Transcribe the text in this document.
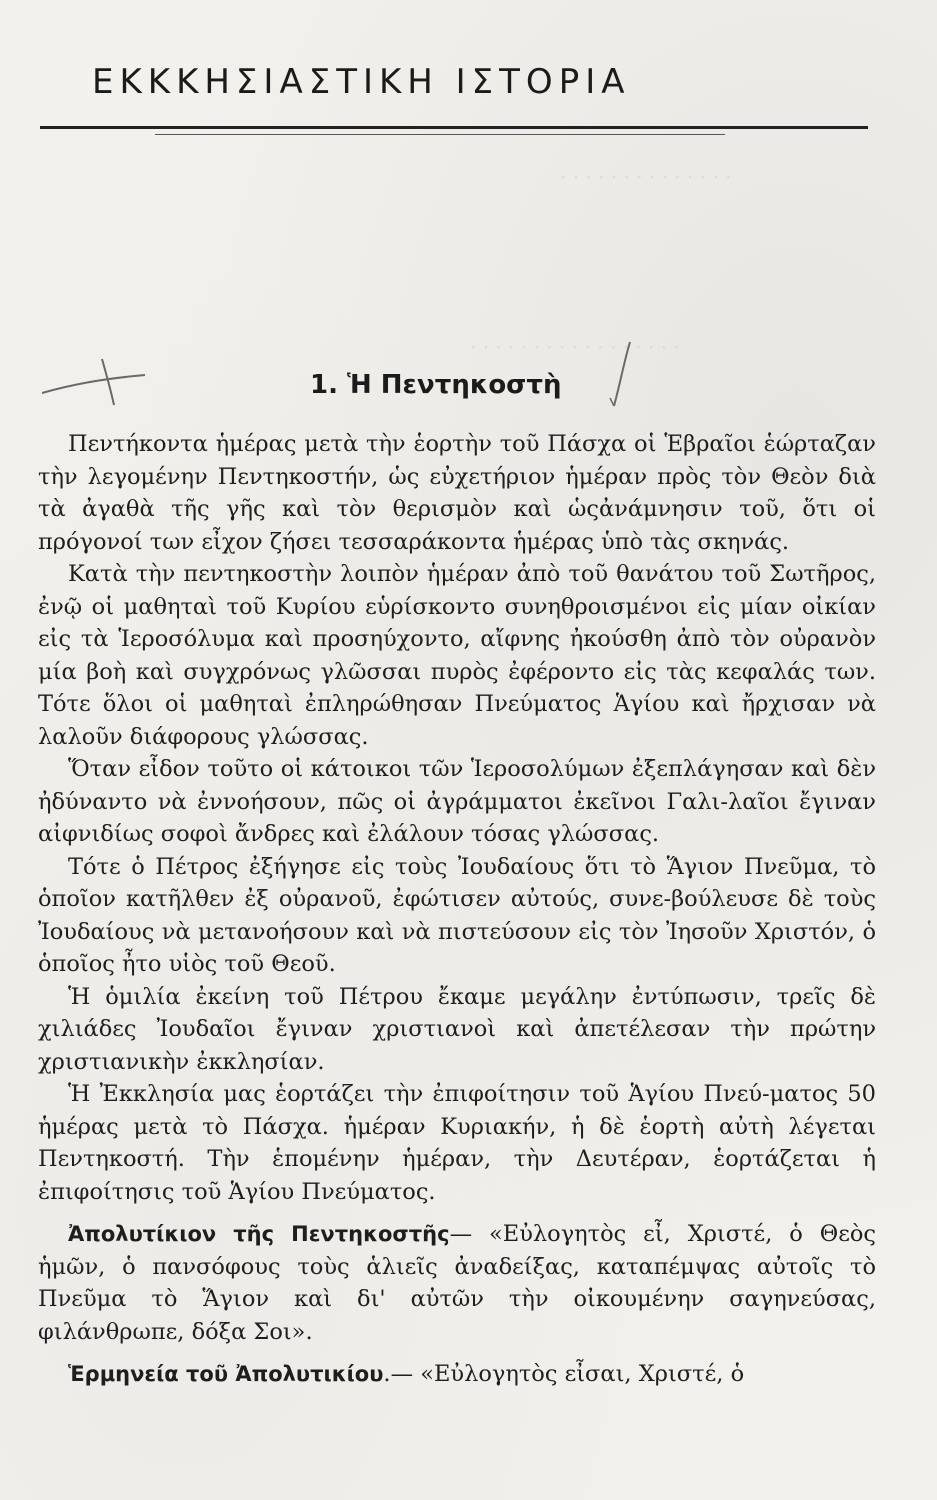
· · · · · · · · · · · · · ·
· · · · · · · · · · · · · · · · ·
ΕΚΚΚΗΣΙΑΣΤΙΚΗ ΙΣΤΟΡΙΑ
1. Ἡ Πεντηκοστὴ

Πεντήκοντα ἡμέρας μετὰ τὴν ἑορτὴν τοῦ Πάσχα οἱ Ἑβραῖοι ἑώρταζαν τὴν λεγομένην Πεντηκοστήν, ὡς εὐχετήριον ἡμέραν πρὸς τὸν Θεὸν διὰ τὰ ἀγαθὰ τῆς γῆς καὶ τὸν θερισμὸν καὶ ὡςἀνάμνησιν τοῦ, ὅτι οἱ πρόγονοί των εἶχον ζήσει τεσσαράκοντα ἡμέρας ὑπὸ τὰς σκηνάς.

Κατὰ τὴν πεντηκοστὴν λοιπὸν ἡμέραν ἀπὸ τοῦ θανάτου τοῦ Σωτῆρος, ἐνῷ οἱ μαθηταὶ τοῦ Κυρίου εὑρίσκοντο συνηθροισμένοι εἰς μίαν οἰκίαν εἰς τὰ Ἱεροσόλυμα καὶ προσηύχοντο, αἴφνης ἠκούσθη ἀπὸ τὸν οὐρανὸν μία βοὴ καὶ συγχρόνως γλῶσσαι πυρὸς ἐφέροντο εἰς τὰς κεφαλάς των. Τότε ὅλοι οἱ μαθηταὶ ἐπληρώθησαν Πνεύματος Ἁγίου καὶ ἤρχισαν νὰ λαλοῦν διάφορους γλώσσας.

Ὅταν εἶδον τοῦτο οἱ κάτοικοι τῶν Ἱεροσολύμων ἐξεπλάγησαν καὶ δὲν ἠδύναντο νὰ ἐννοήσουν, πῶς οἱ ἀγράμματοι ἐκεῖνοι Γαλι-λαῖοι ἔγιναν αἰφνιδίως σοφοὶ ἄνδρες καὶ ἐλάλουν τόσας γλώσσας.

Τότε ὁ Πέτρος ἐξήγησε εἰς τοὺς Ἰουδαίους ὅτι τὸ Ἅγιον Πνεῦμα, τὸ ὁποῖον κατῆλθεν ἐξ οὐρανοῦ, ἐφώτισεν αὐτούς, συνε-βούλευσε δὲ τοὺς Ἰουδαίους νὰ μετανοήσουν καὶ νὰ πιστεύσουν εἰς τὸν Ἰησοῦν Χριστόν, ὁ ὁποῖος ἦτο υἱὸς τοῦ Θεοῦ.

Ἡ ὁμιλία ἐκείνη τοῦ Πέτρου ἔκαμε μεγάλην ἐντύπωσιν, τρεῖς δὲ χιλιάδες Ἰουδαῖοι ἔγιναν χριστιανοὶ καὶ ἀπετέλεσαν τὴν πρώτην χριστιανικὴν ἐκκλησίαν.

Ἡ Ἐκκλησία μας ἑορτάζει τὴν ἐπιφοίτησιν τοῦ Ἁγίου Πνεύ-ματος 50 ἡμέρας μετὰ τὸ Πάσχα. ἡμέραν Κυριακήν, ἡ δὲ ἑορτὴ αὐτὴ λέγεται Πεντηκοστή. Τὴν ἑπομένην ἡμέραν, τὴν Δευτέραν, ἑορτάζεται ἡ ἐπιφοίτησις τοῦ Ἁγίου Πνεύματος.

Ἀπολυτίκιον τῆς Πεντηκοστῆς— «Εὐλογητὸς εἶ, Χριστέ, ὁ Θεὸς ἡμῶν, ὁ πανσόφους τοὺς ἁλιεῖς ἀναδείξας, καταπέμψας αὐτοῖς τὸ Πνεῦμα τὸ Ἅγιον καὶ δι' αὐτῶν τὴν οἰκουμένην σαγηνεύσας, φιλάνθρωπε, δόξα Σοι».

Ἑρμηνεία τοῦ Ἀπολυτικίου.— «Εὐλογητὸς εἶσαι, Χριστέ, ὁ
